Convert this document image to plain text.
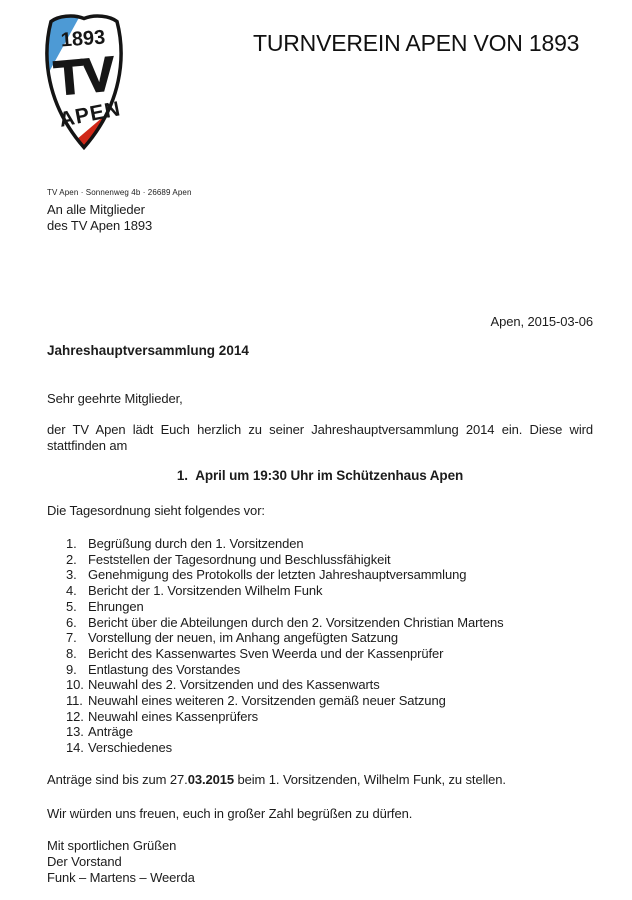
1893
TV
APEN
TURNVEREIN APEN VON 1893
TV Apen · Sonnenweg 4b · 26689 Apen
An alle Mitglieder
des TV Apen 1893
Apen, 2015-03-06
Jahreshauptversammlung 2014
Sehr geehrte Mitglieder,
der TV Apen lädt Euch herzlich zu seiner Jahreshauptversammlung 2014 ein. Diese wird stattfinden am
1.  April um 19:30 Uhr im Schützenhaus Apen
Die Tagesordnung sieht folgendes vor:
1. Begrüßung durch den 1. Vorsitzenden
2. Feststellen der Tagesordnung und Beschlussfähigkeit
3. Genehmigung des Protokolls der letzten Jahreshauptversammlung
4. Bericht der 1. Vorsitzenden Wilhelm Funk
5. Ehrungen
6. Bericht über die Abteilungen durch den 2. Vorsitzenden Christian Martens
7. Vorstellung der neuen, im Anhang angefügten Satzung
8. Bericht des Kassenwartes Sven Weerda und der Kassenprüfer
9. Entlastung des Vorstandes
10. Neuwahl des 2. Vorsitzenden und des Kassenwarts
11. Neuwahl eines weiteren 2. Vorsitzenden gemäß neuer Satzung
12. Neuwahl eines Kassenprüfers
13. Anträge
14. Verschiedenes
Anträge sind bis zum 27.03.2015 beim 1. Vorsitzenden, Wilhelm Funk, zu stellen.
Wir würden uns freuen, euch in großer Zahl begrüßen zu dürfen.
Mit sportlichen Grüßen
Der Vorstand
Funk – Martens – Weerda
